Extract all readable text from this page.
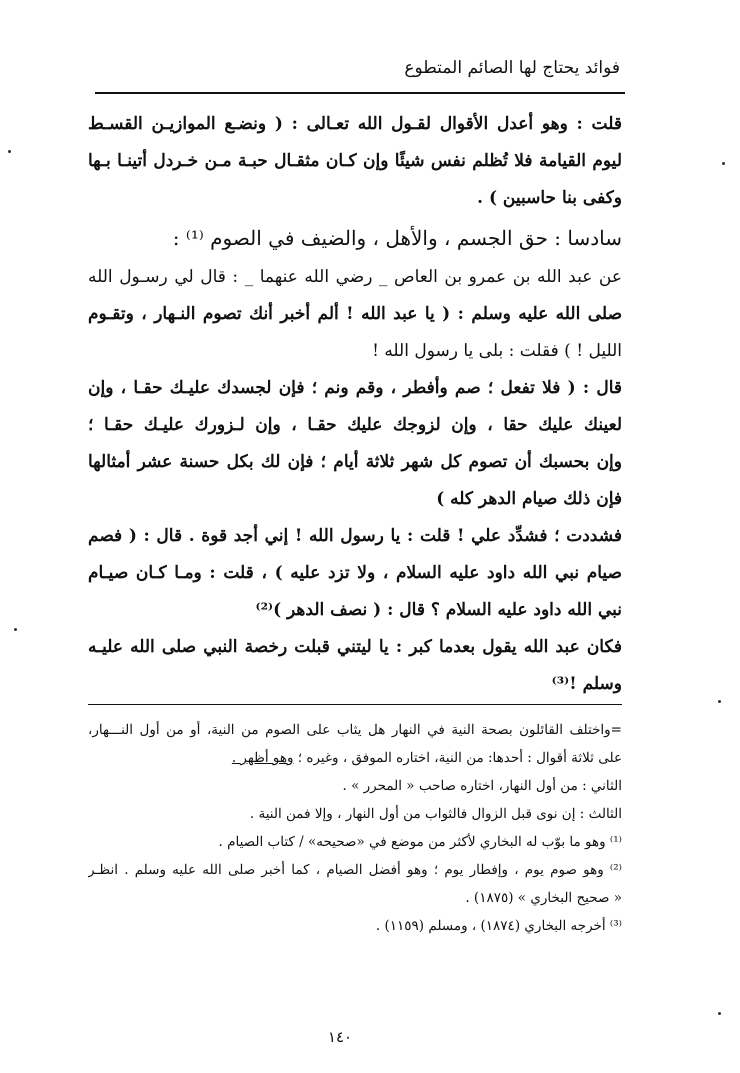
فوائد يحتاج لها الصائم المتطوع
قلت : وهو أعدل الأقوال لقـول الله تعـالى : ( ونضـع الموازيـن القسـط
ليوم القيامة فلا تُظلم نفس شيئًا وإن كـان مثقـال حبـة مـن خـردل أتينـا بـها
وكفى بنا حاسبين ) .
سادسا : حق الجسم ، والأهل ، والضيف في الصوم ⁽¹⁾ :
عن عبد الله بن عمرو بن العاص _ رضي الله عنهما _ : قال لي رسـول الله
صلى الله عليه وسلم : ( يا عبد الله ! ألم أخبر أنك تصوم النـهار ، وتقـوم
الليل ! ) فقلت : بلى يا رسول الله !
قال : ( فلا تفعل ؛ صم وأفطر ، وقم ونم ؛ فإن لجسدك عليـك حقـا ، وإن
لعينك عليك حقا ، وإن لزوجك عليك حقـا ، وإن لـزورك عليـك حقـا ؛
وإن بحسبك أن تصوم كل شهر ثلاثة أيام ؛ فإن لك بكل حسنة عشر أمثالها
فإن ذلك صيام الدهر كله )
فشددت ؛ فشدِّد علي ! قلت : يا رسول الله ! إني أجد قوة . قال : ( فصم
صيام نبي الله داود عليه السلام ، ولا تزد عليه ) ، قلت : ومـا كـان صيـام
نبي الله داود عليه السلام ؟ قال : ( نصف الدهر )⁽²⁾
فكان عبد الله يقول بعدما كبر : يا ليتني قبلت رخصة النبي صلى الله عليـه
وسلم !⁽³⁾
=واختلف القائلون بصحة النية في النهار هل يثاب على الصوم من النية، أو من أول النـــهار،
على ثلاثة أقوال : أحدها: من النية، اختاره الموفق ، وغيره ؛ وهو أظهر .
الثاني : من أول النهار، اختاره صاحب « المحرر » .
الثالث : إن نوى قبل الزوال فالثواب من أول النهار ، وإلا فمن النية .
⁽¹⁾ وهو ما بوّب له البخاري لأكثر من موضع في «صحيحه» / كتاب الصيام .
⁽²⁾ وهو صوم يوم ، وإفطار يوم ؛ وهو أفضل الصيام ، كما أخبر صلى الله عليه وسلم . انظـر
« صحيح البخاري » (١٨٧٥) .
⁽³⁾ أخرجه البخاري (١٨٧٤) ، ومسلم (١١٥٩) .
١٤٠
